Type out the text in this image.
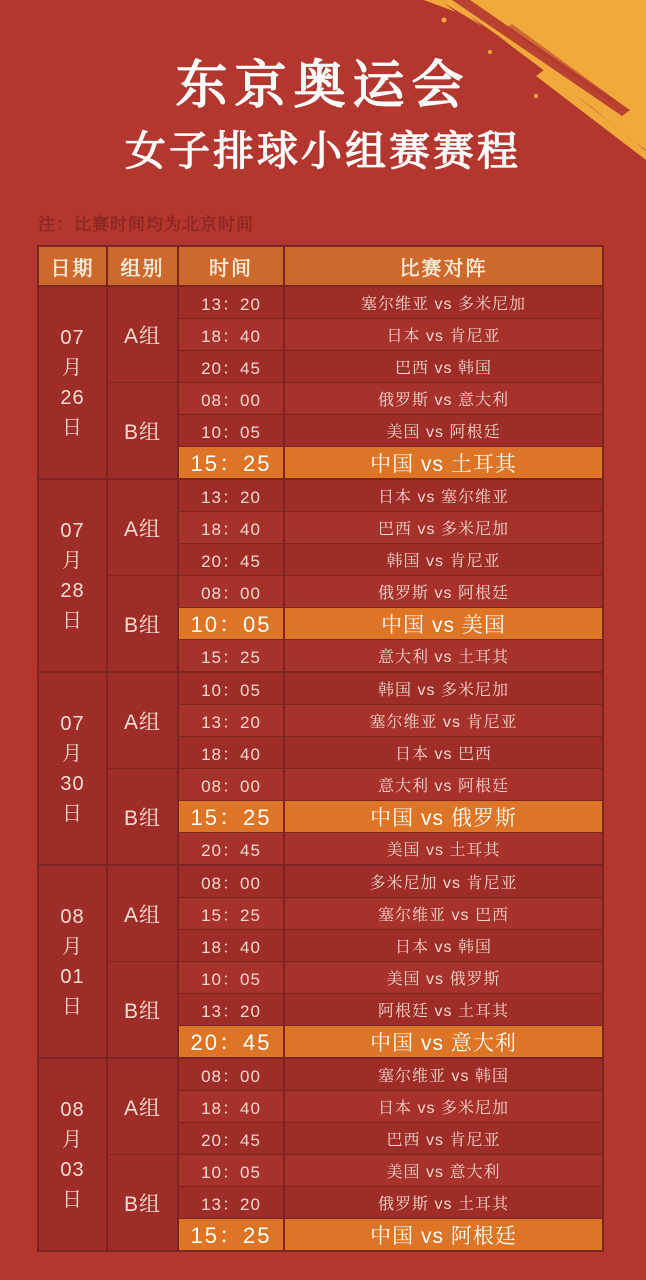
东京奥运会
女子排球小组赛赛程
注：比赛时间均为北京时间
日期	组别	时间	比赛对阵
07
月
26
日
A组
13：20	塞尔维亚 vs 多米尼加
18：40	日本 vs 肯尼亚
20：45	巴西 vs 韩国
B组
08：00	俄罗斯 vs 意大利
10：05	美国 vs 阿根廷
15：25	中国 vs 土耳其
07
月
28
日
A组
13：20	日本 vs 塞尔维亚
18：40	巴西 vs 多米尼加
20：45	韩国 vs 肯尼亚
B组
08：00	俄罗斯 vs 阿根廷
10：05	中国 vs 美国
15：25	意大利 vs 土耳其
07
月
30
日
A组
10：05	韩国 vs 多米尼加
13：20	塞尔维亚 vs 肯尼亚
18：40	日本 vs 巴西
B组
08：00	意大利 vs 阿根廷
15：25	中国 vs 俄罗斯
20：45	美国 vs 土耳其
08
月
01
日
A组
08：00	多米尼加 vs 肯尼亚
15：25	塞尔维亚 vs 巴西
18：40	日本 vs 韩国
B组
10：05	美国 vs 俄罗斯
13：20	阿根廷 vs 土耳其
20：45	中国 vs 意大利
08
月
03
日
A组
08：00	塞尔维亚 vs 韩国
18：40	日本 vs 多米尼加
20：45	巴西 vs 肯尼亚
B组
10：05	美国 vs 意大利
13：20	俄罗斯 vs 土耳其
15：25	中国 vs 阿根廷
